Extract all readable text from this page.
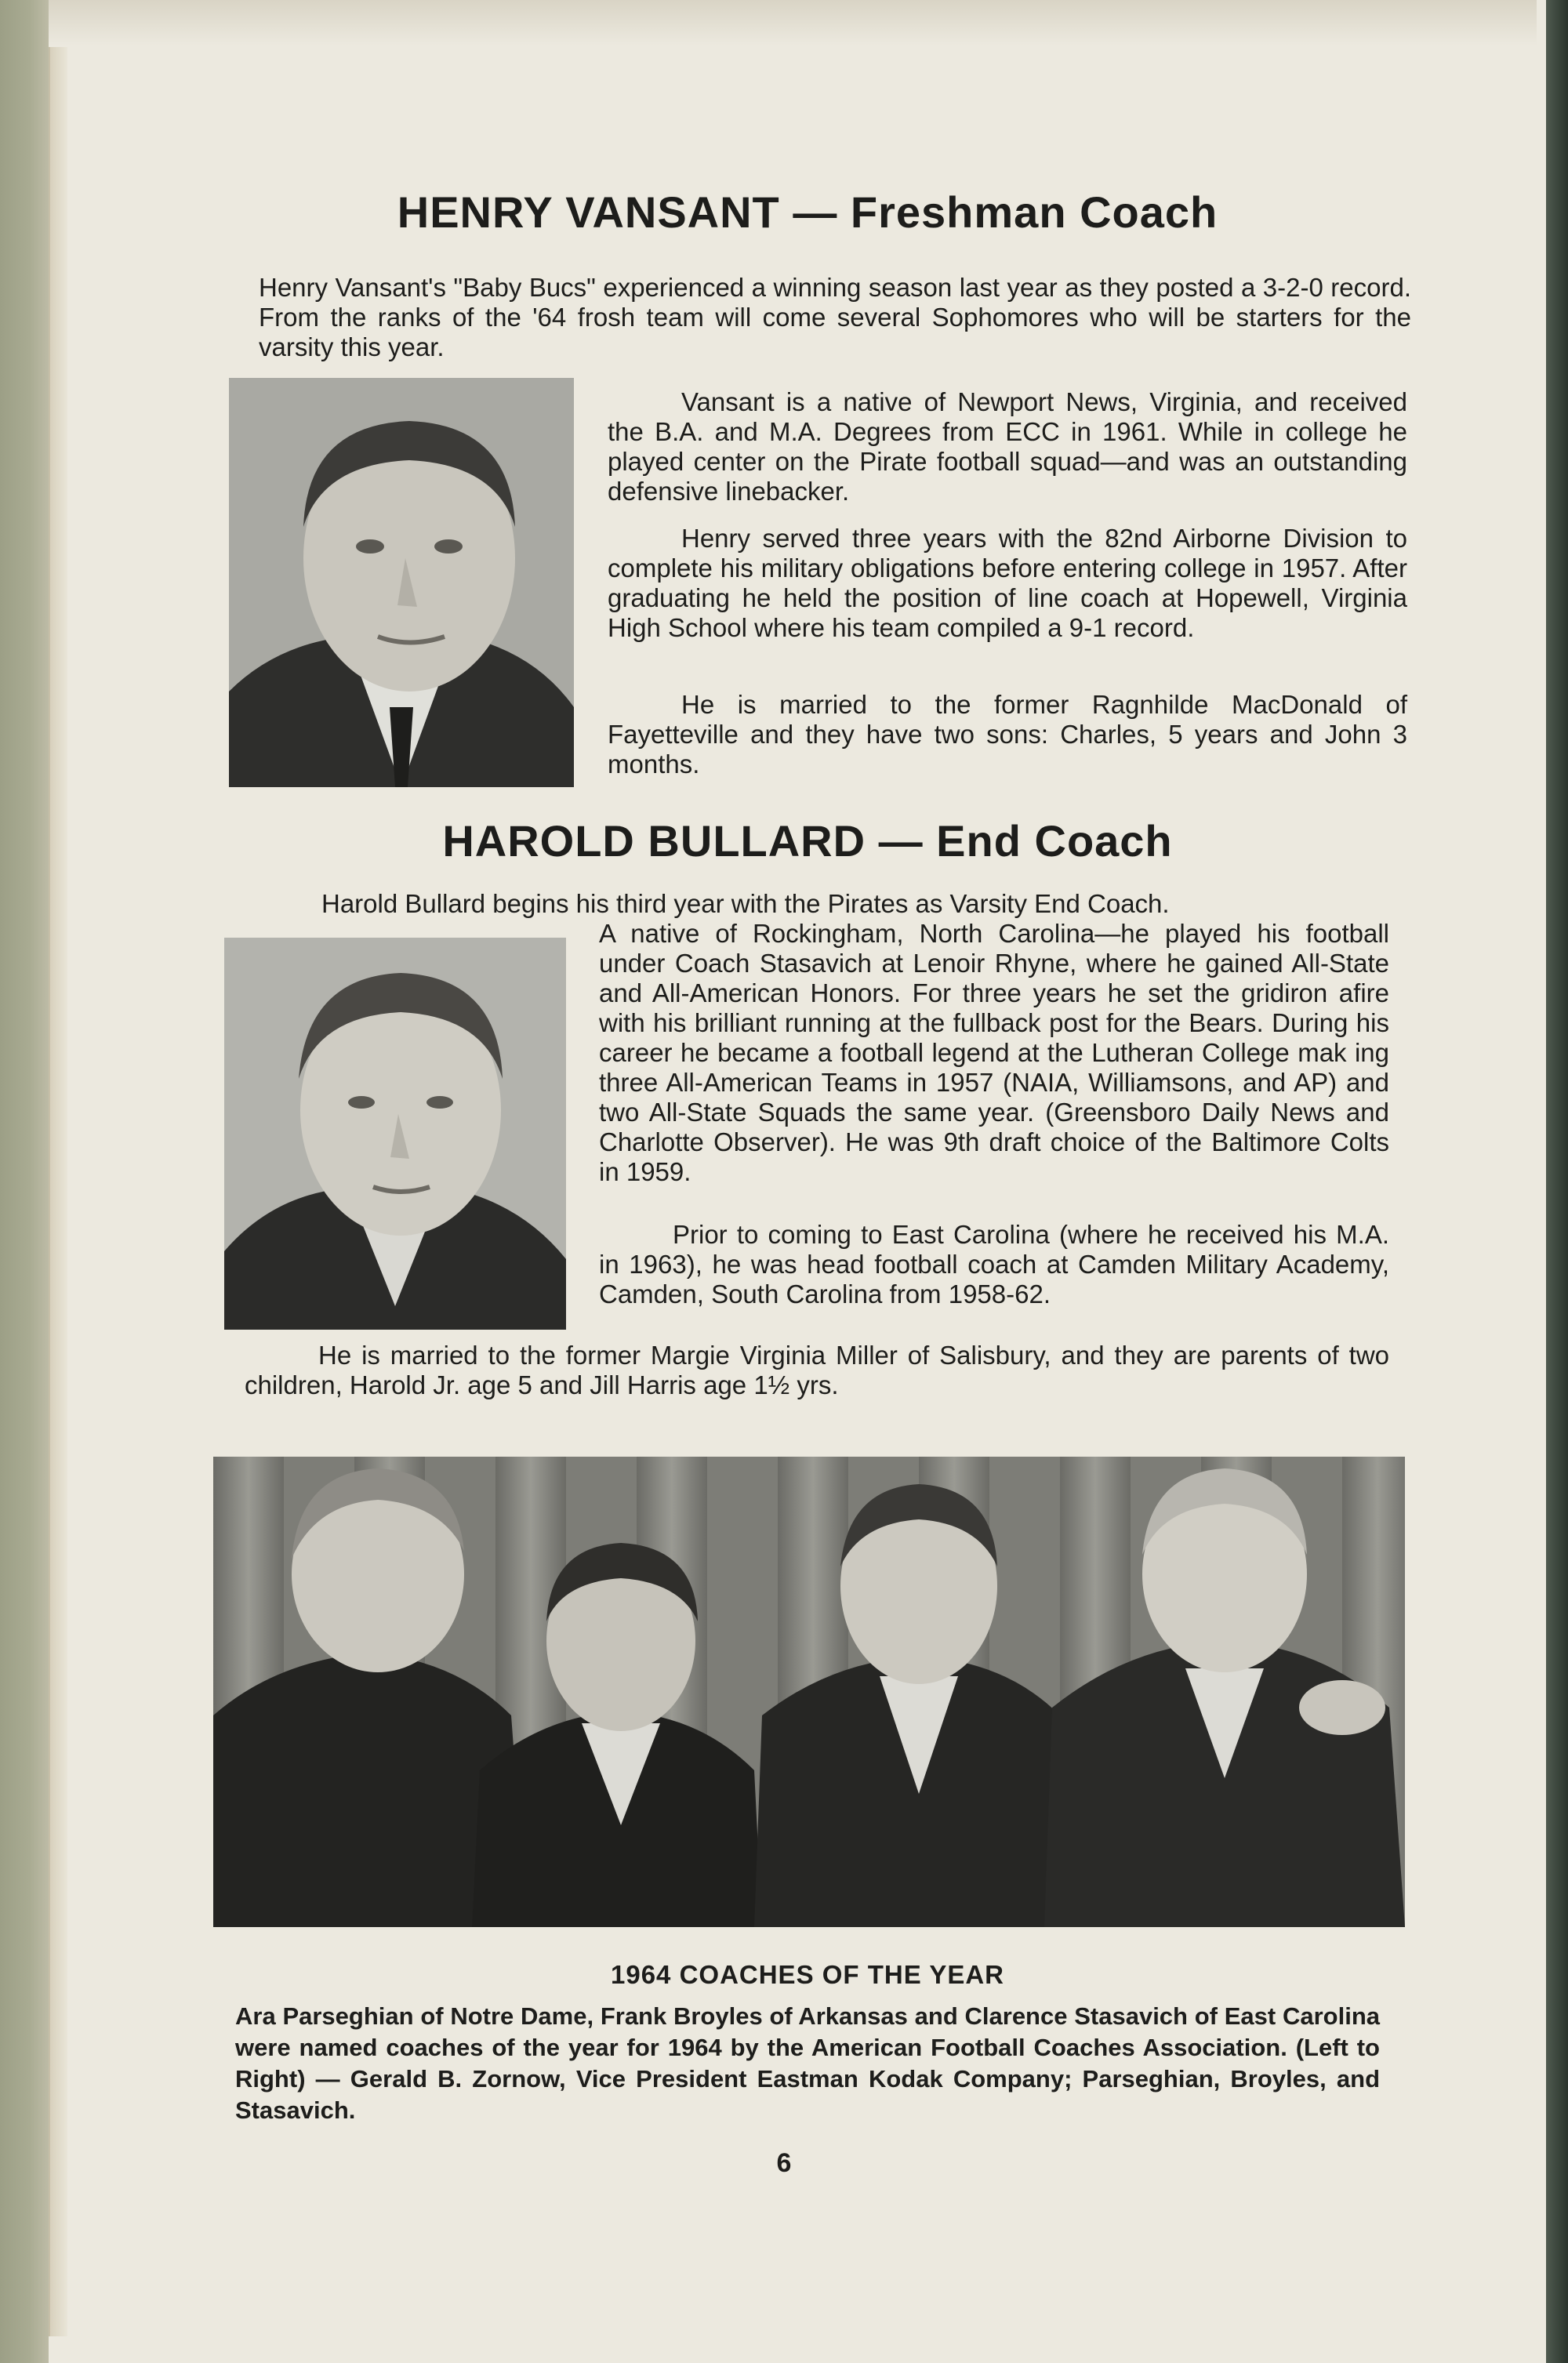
HENRY VANSANT — Freshman Coach
Henry Vansant's "Baby Bucs" experienced a winning season last year as they posted a 3-2-0 record. From the ranks of the '64 frosh team will come several Sophomores who will be starters for the varsity this year.
Vansant is a native of Newport News, Virginia, and received the B.A. and M.A. Degrees from ECC in 1961. While in college he played center on the Pirate football squad—and was an outstanding defensive linebacker.
Henry served three years with the 82nd Airborne Division to complete his military obligations before entering college in 1957. After graduating he held the position of line coach at Hopewell, Virginia High School where his team compiled a 9-1 record.
He is married to the former Ragnhilde MacDonald of Fayetteville and they have two sons: Charles, 5 years and John 3 months.
HAROLD BULLARD — End Coach
Harold Bullard begins his third year with the Pirates as Varsity End Coach.
A native of Rockingham, North Carolina—he played his football under Coach Stasavich at Lenoir Rhyne, where he gained All-State and All-American Honors. For three years he set the gridiron afire with his brilliant running at the fullback post for the Bears. During his career he became a football legend at the Lutheran College mak ing three All-American Teams in 1957 (NAIA, Williamsons, and AP) and two All-State Squads the same year. (Greensboro Daily News and Charlotte Observer). He was 9th draft choice of the Baltimore Colts in 1959.
Prior to coming to East Carolina (where he received his M.A. in 1963), he was head football coach at Camden Military Academy, Camden, South Carolina from 1958-62.
He is married to the former Margie Virginia Miller of Salisbury, and they are parents of two children, Harold Jr. age 5 and Jill Harris age 1½ yrs.
1964 COACHES OF THE YEAR
Ara Parseghian of Notre Dame, Frank Broyles of Arkansas and Clarence Stasavich of East Carolina were named coaches of the year for 1964 by the American Football Coaches Association. (Left to Right) — Gerald B. Zornow, Vice President Eastman Kodak Company; Parseghian, Broyles, and Stasavich.
6
